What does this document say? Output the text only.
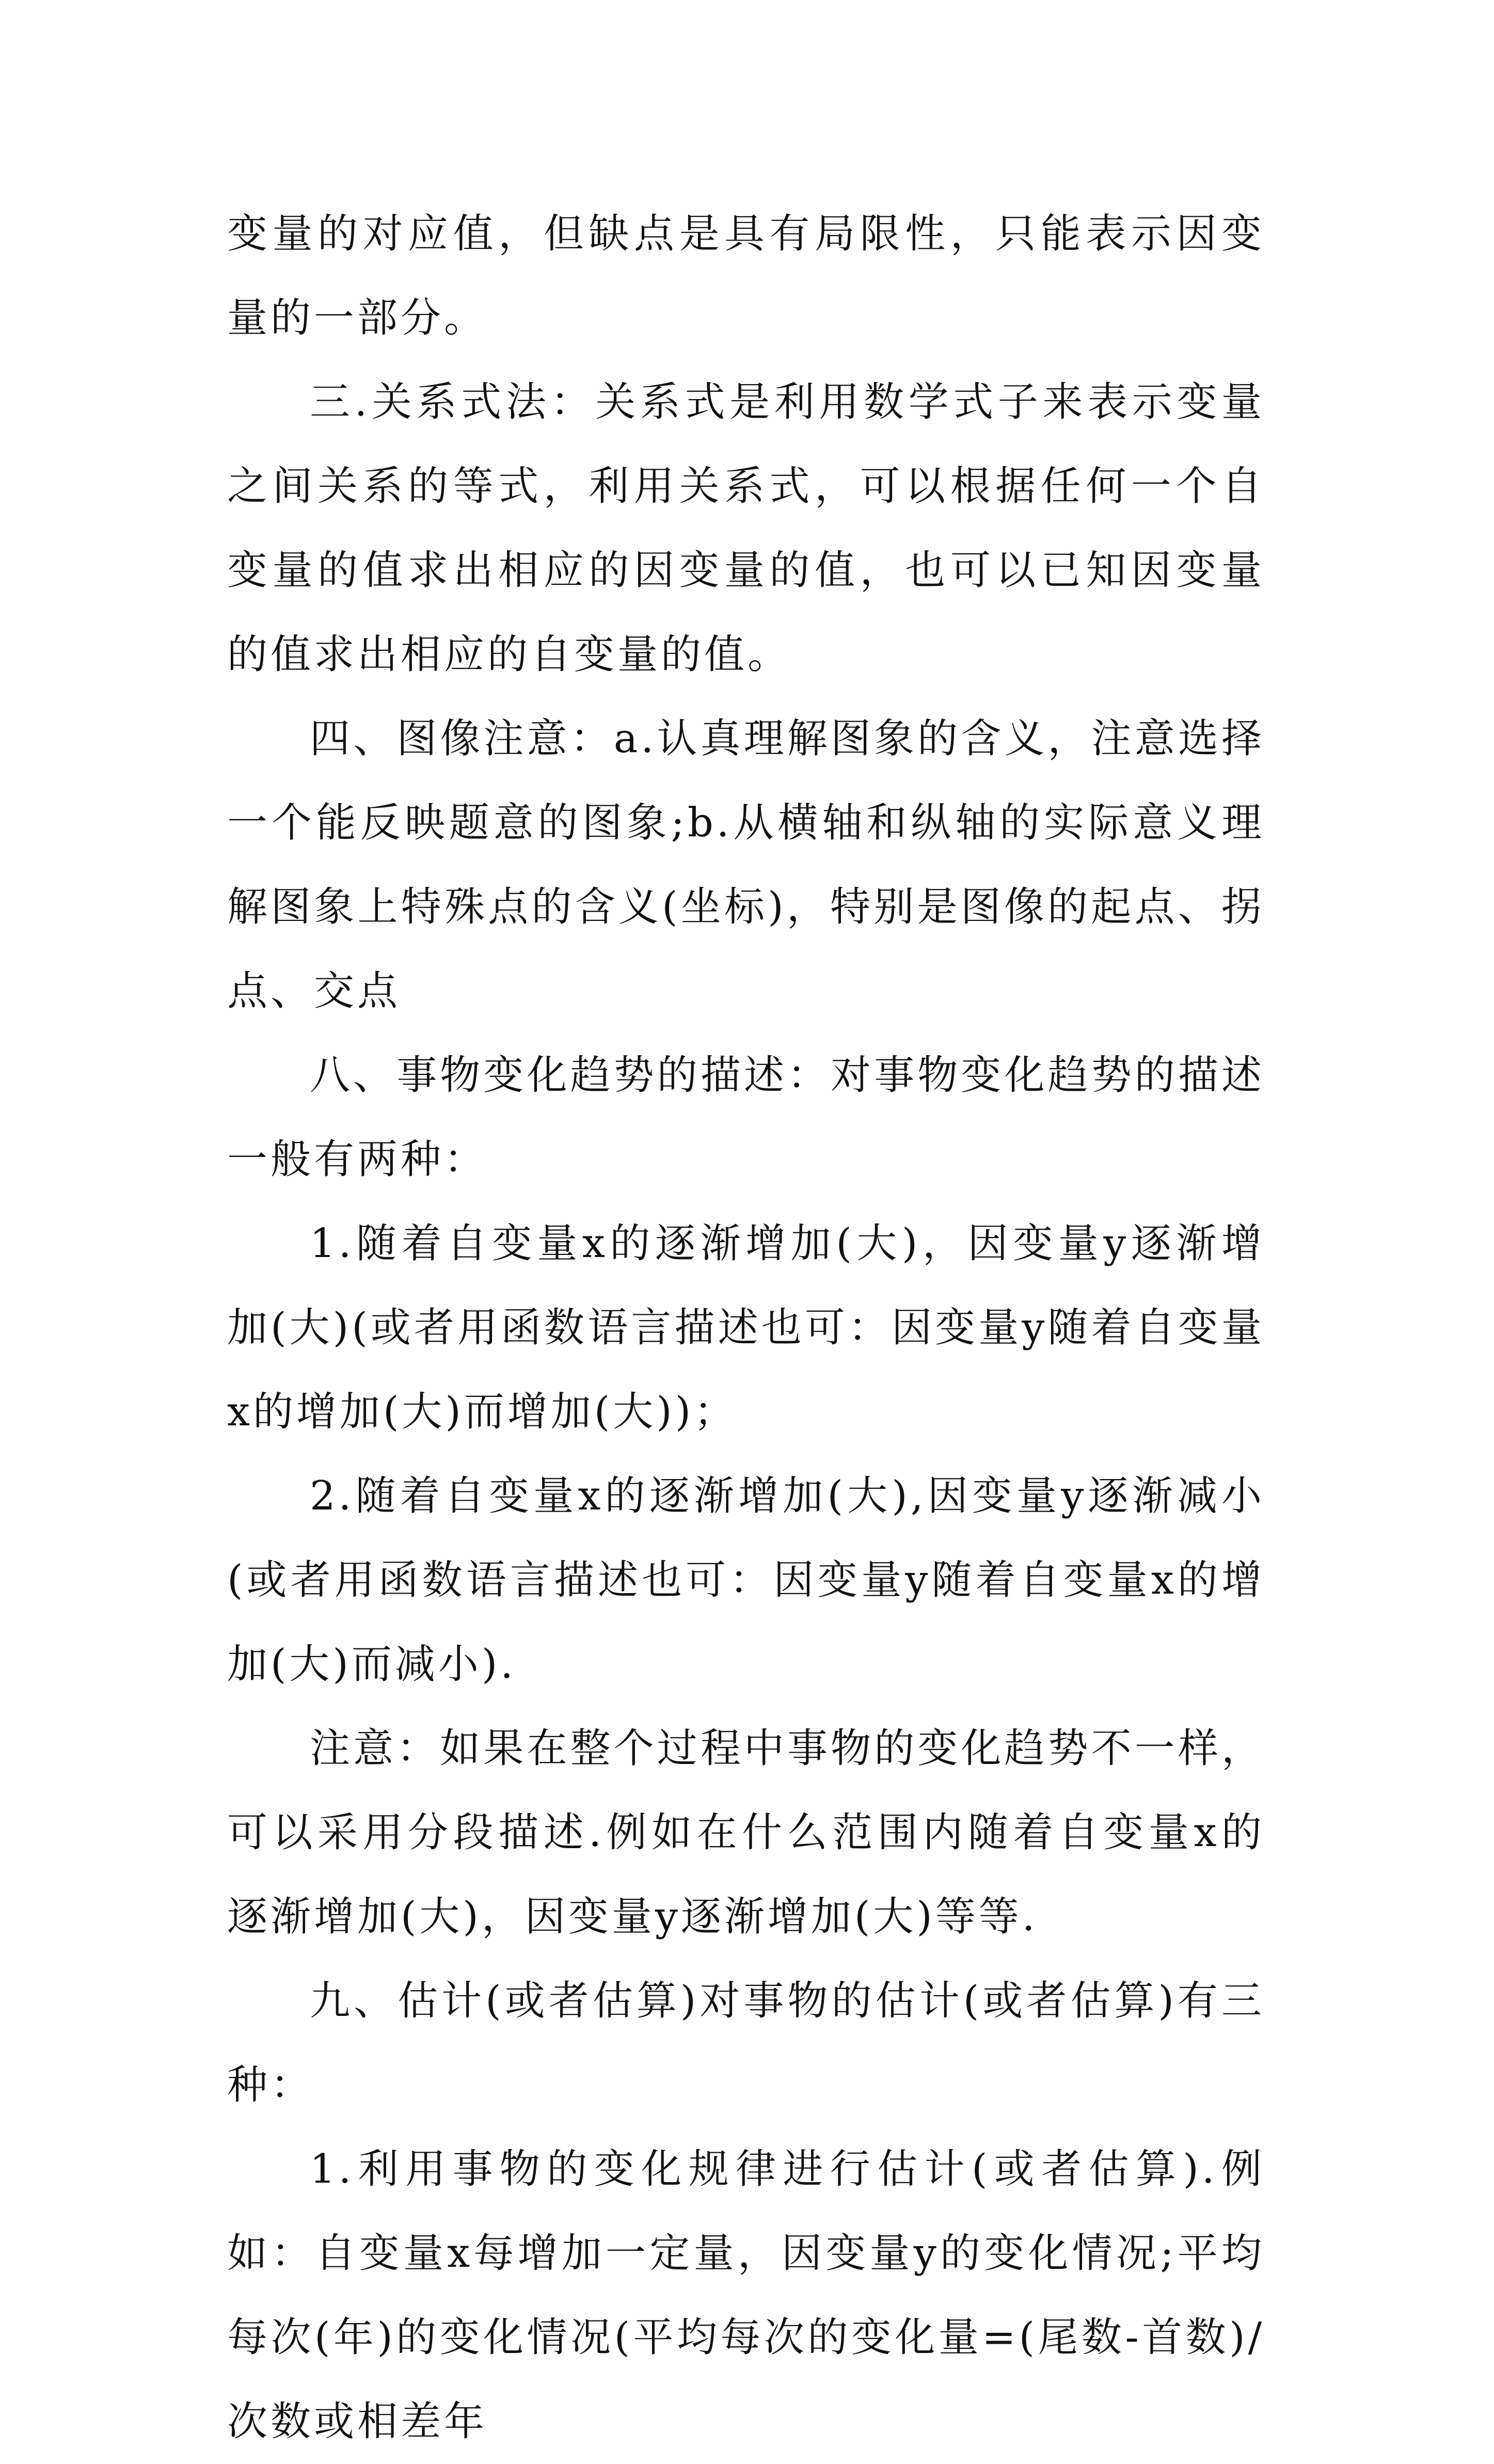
变量的对应值，但缺点是具有局限性，只能表示因变量的一部分。

三.关系式法：关系式是利用数学式子来表示变量之间关系的等式，利用关系式，可以根据任何一个自变量的值求出相应的因变量的值，也可以已知因变量的值求出相应的自变量的值。

四、图像注意：a.认真理解图象的含义，注意选择一个能反映题意的图象;b.从横轴和纵轴的实际意义理解图象上特殊点的含义(坐标)，特别是图像的起点、拐点、交点

八、事物变化趋势的描述：对事物变化趋势的描述一般有两种：

1.随着自变量x的逐渐增加(大)，因变量y逐渐增加(大)(或者用函数语言描述也可：因变量y随着自变量x的增加(大)而增加(大))；

2.随着自变量x的逐渐增加(大),因变量y逐渐减小(或者用函数语言描述也可：因变量y随着自变量x的增加(大)而减小).

注意：如果在整个过程中事物的变化趋势不一样，可以采用分段描述.例如在什么范围内随着自变量x的逐渐增加(大)，因变量y逐渐增加(大)等等.

九、估计(或者估算)对事物的估计(或者估算)有三种：

1.利用事物的变化规律进行估计(或者估算).例如：自变量x每增加一定量，因变量y的变化情况;平均每次(年)的变化情况(平均每次的变化量=(尾数-首数)/次数或相差年
